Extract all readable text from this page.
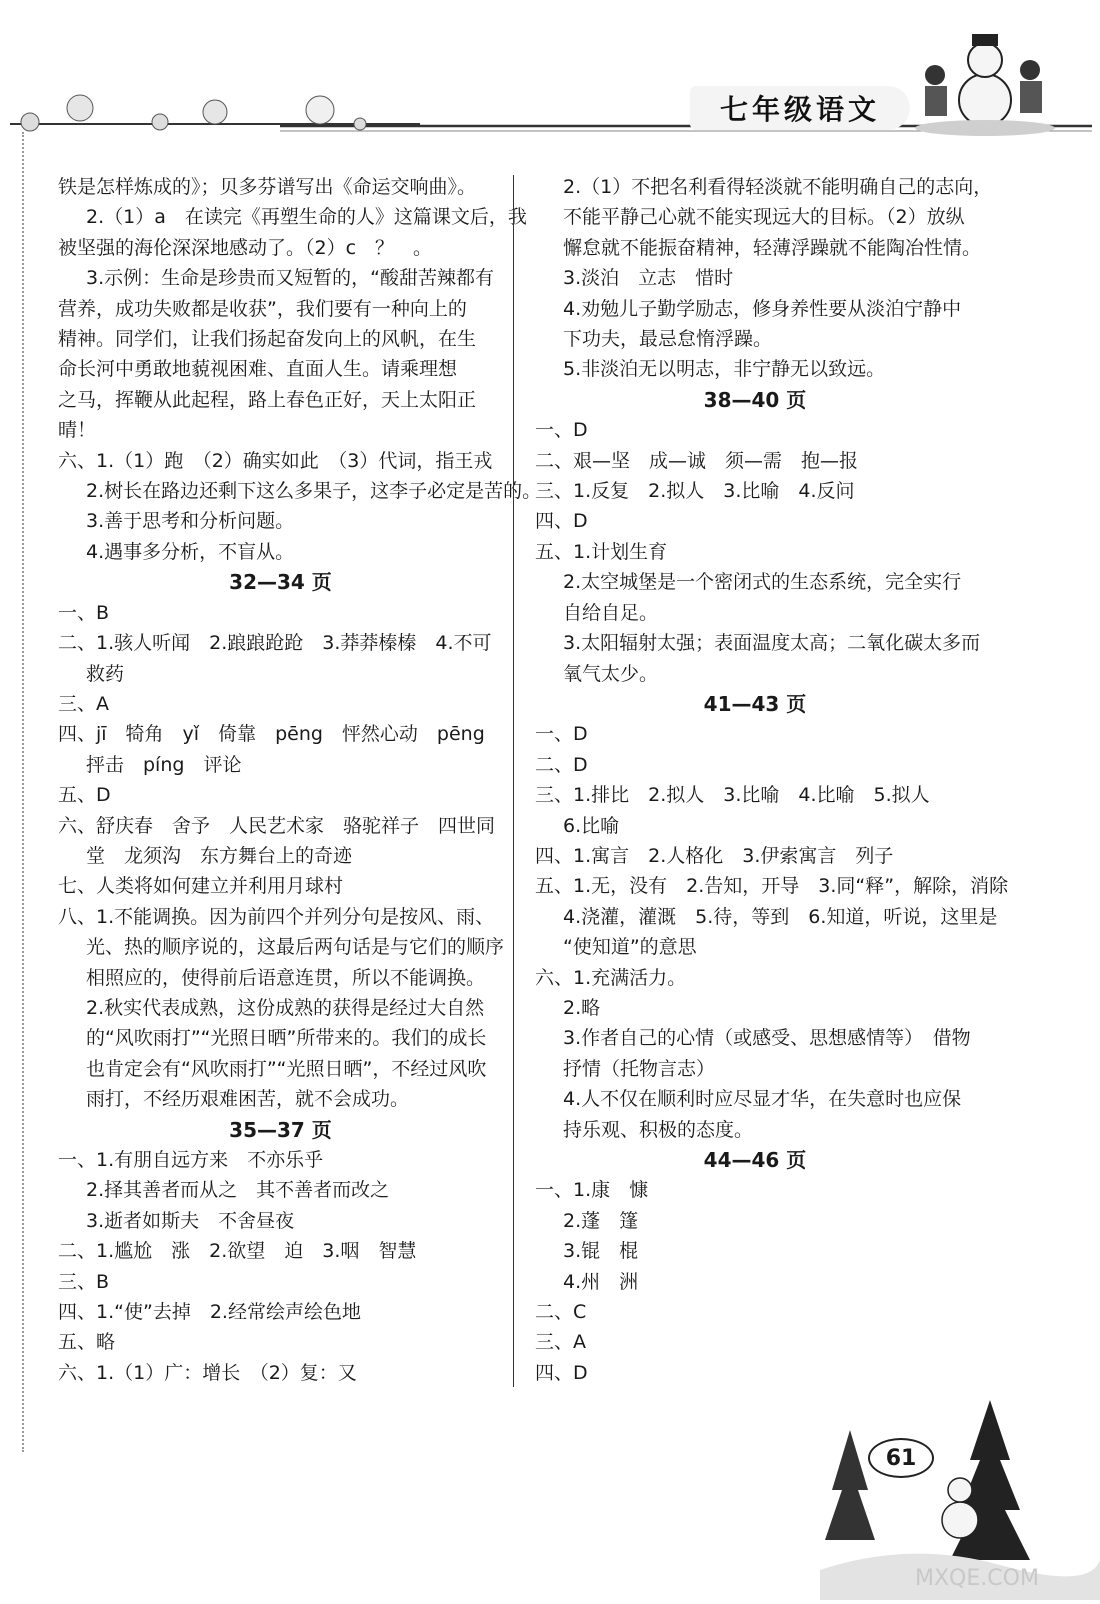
七年级语文
铁是怎样炼成的》；贝多芬谱写出《命运交响曲》。
2.（1）a　在读完《再塑生命的人》这篇课文后，我
被坚强的海伦深深地感动了。（2）c　？　。
3.示例：生命是珍贵而又短暂的，“酸甜苦辣都有
营养，成功失败都是收获”，我们要有一种向上的
精神。同学们，让我们扬起奋发向上的风帆，在生
命长河中勇敢地藐视困难、直面人生。请乘理想
之马，挥鞭从此起程，路上春色正好，天上太阳正
晴！
六、1.（1）跑　（2）确实如此　（3）代词，指王戎
2.树长在路边还剩下这么多果子，这李子必定是苦的。
3.善于思考和分析问题。
4.遇事多分析，不盲从。
32—34 页
一、B
二、1.骇人听闻　2.踉踉跄跄　3.莽莽榛榛　4.不可
救药
三、A
四、jī　犄角　yǐ　倚靠　pēng　怦然心动　pēng
抨击　píng　评论
五、D
六、舒庆春　舍予　人民艺术家　骆驼祥子　四世同
堂　龙须沟　东方舞台上的奇迹
七、人类将如何建立并利用月球村
八、1.不能调换。因为前四个并列分句是按风、雨、
光、热的顺序说的，这最后两句话是与它们的顺序
相照应的，使得前后语意连贯，所以不能调换。
2.秋实代表成熟，这份成熟的获得是经过大自然
的“风吹雨打”“光照日晒”所带来的。我们的成长
也肯定会有“风吹雨打”“光照日晒”，不经过风吹
雨打，不经历艰难困苦，就不会成功。
35—37 页
一、1.有朋自远方来　不亦乐乎
2.择其善者而从之　其不善者而改之
3.逝者如斯夫　不舍昼夜
二、1.尴尬　涨　2.欲望　迫　3.咽　智慧
三、B
四、1.“使”去掉　2.经常绘声绘色地
五、略
六、1.（1）广：增长　（2）复：又
2.（1）不把名利看得轻淡就不能明确自己的志向，
不能平静己心就不能实现远大的目标。（2）放纵
懈怠就不能振奋精神，轻薄浮躁就不能陶冶性情。
3.淡泊　立志　惜时
4.劝勉儿子勤学励志，修身养性要从淡泊宁静中
下功夫，最忌怠惰浮躁。
5.非淡泊无以明志，非宁静无以致远。
38—40 页
一、D
二、艰—坚　成—诚　须—需　抱—报
三、1.反复　2.拟人　3.比喻　4.反问
四、D
五、1.计划生育
2.太空城堡是一个密闭式的生态系统，完全实行
自给自足。
3.太阳辐射太强；表面温度太高；二氧化碳太多而
氧气太少。
41—43 页
一、D
二、D
三、1.排比　2.拟人　3.比喻　4.比喻　5.拟人
6.比喻
四、1.寓言　2.人格化　3.伊索寓言　列子
五、1.无，没有　2.告知，开导　3.同“释”，解除，消除
4.浇灌，灌溉　5.待，等到　6.知道，听说，这里是
“使知道”的意思
六、1.充满活力。
2.略
3.作者自己的心情（或感受、思想感情等）　借物
抒情（托物言志）
4.人不仅在顺利时应尽显才华，在失意时也应保
持乐观、积极的态度。
44—46 页
一、1.康　慷
2.蓬　篷
3.锟　棍
4.州　洲
二、C
三、A
四、D
MXQE.COM
61
